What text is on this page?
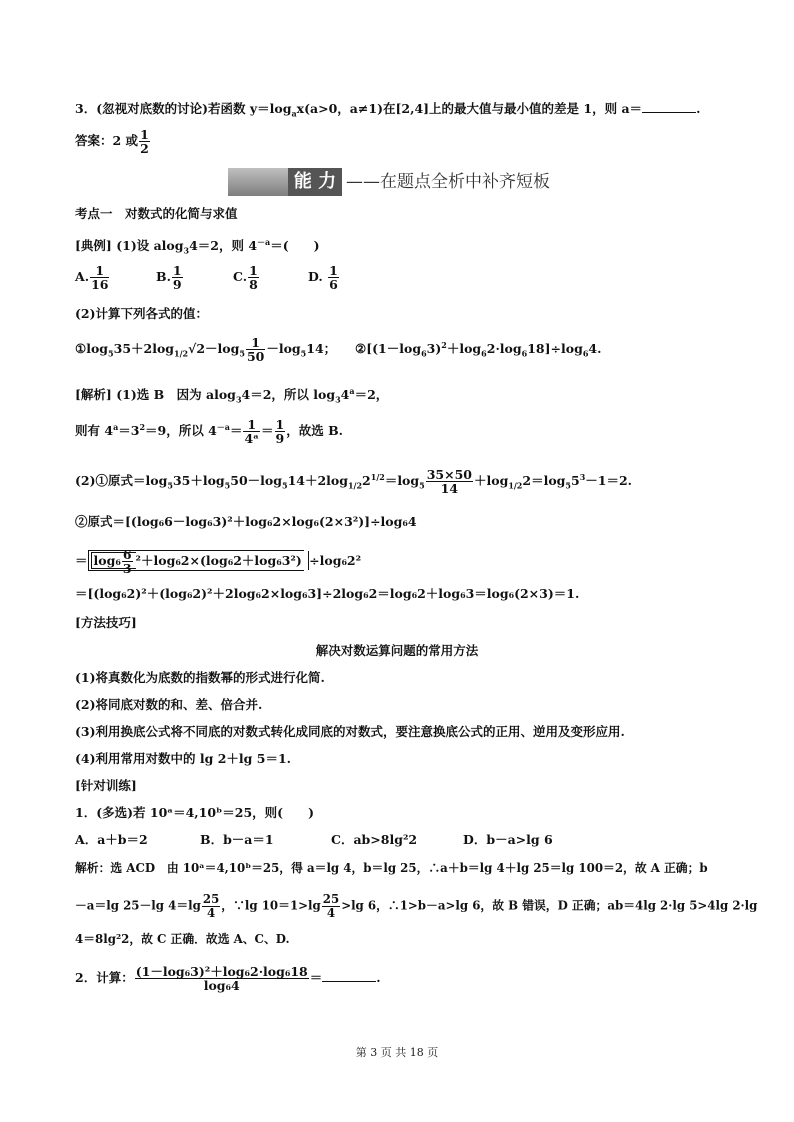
3．(忽视对底数的讨论)若函数 $y=\log_ax(a>0$，a≠1)在[2,4]上的最大值与最小值的差是 1，则 a＝	.
答案：2 或 $\frac{1}{2}$
能 力 ——在题点全析中补齐短板
考点一　对数式的化简与求值
[典例] (1)设 alog$_3$4＝2，则 $4^{-a}=$(　　)
A. $\frac{1}{16}$	B. $\frac{1}{9}$	C. $\frac{1}{8}$	D. $\frac{1}{6}$
(2)计算下列各式的值：
$①\log_535+2\log_{1/2}√2-\log_5 \frac{1}{50} -\log_514$； $②[(1-\log_63)^2+\log_62\cdot\log_618]\div\log_64$.
[解析] (1)选 B　因为 alog$_3$4＝2，所以 $\log_34^a=2$，
则有 $4^a=3^2=9$，所以 $4^{-a}= \frac{1}{\text{4ᵃ}} = \frac{1}{9}$ ，故选 B.
(2)①原式$=\log_535+\log_550-\log_514+2\log_{1/2}2^{1/2}=\log_5 \frac{35\times 50}{14} +\log_{1/2}2=\log_55^3-1=2$.
②原式＝[(log₆6－log₆3)²＋log₆2×log₆(2×3²)]÷log₆4
＝ $\log_6 \frac{6}{3} ^2+\log_62\times(\log_62+\log_63^2) \div\log_62^2$
＝[(log₆2)²＋(log₆2)²＋2log₆2×log₆3]÷2log₆2＝log₆2＋log₆3＝log₆(2×3)＝1.
[方法技巧]
解决对数运算问题的常用方法
(1)将真数化为底数的指数幂的形式进行化简.
(2)将同底对数的和、差、倍合并.
(3)利用换底公式将不同底的对数式转化成同底的对数式，要注意换底公式的正用、逆用及变形应用.
(4)利用常用对数中的 lg 2＋lg 5＝1.
[针对训练]
1．(多选)若 10ᵃ＝4,10ᵇ＝25，则(　　)
A．a＋b＝2	B．b－a＝1	C．ab>8lg²2	D．b－a>lg 6
解析：选 ACD　由 10ᵃ＝4,10ᵇ＝25，得 a＝lg 4，b＝lg 25，∴a＋b＝lg 4＋lg 25＝lg 100＝2，故 A 正确；b
－a＝lg 25－lg $4=\lg \frac{25}{4}$ ，∵lg $10=1>\lg \frac{25}{4} >\lg$ 6，∴1>b－a>lg 6，故 B 错误，D 正确；ab＝4lg 2·lg 5>4lg 2·lg
4＝8lg²2，故 C 正确．故选 A、C、D.
2．计算： $\frac{\text{(1－log₆3)²＋log₆2·log₆18}}{\text{log₆4}}$ ＝	.
第 3 页 共 18 页
